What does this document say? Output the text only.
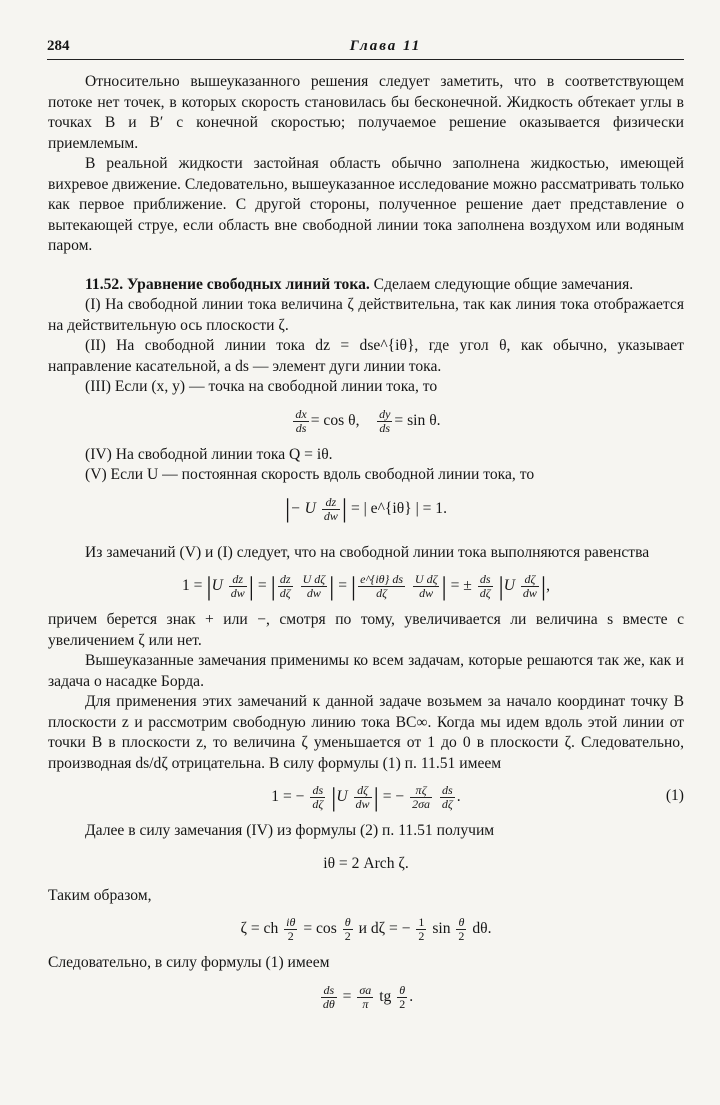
284	Глава 11

Относительно вышеуказанного решения следует заметить, что в соответствующем потоке нет точек, в которых скорость становилась бы бесконечной. Жидкость обтекает углы в точках B и B′ с конечной скоростью; получаемое решение оказывается физически приемлемым.

В реальной жидкости застойная область обычно заполнена жидкостью, имеющей вихревое движение. Следовательно, вышеуказанное исследование можно рассматривать только как первое приближение. С другой стороны, полученное решение дает представление о вытекающей струе, если область вне свободной линии тока заполнена воздухом или водяным паром.

11.52. Уравнение свободных линий тока. Сделаем следующие общие замечания.

(I) На свободной линии тока величина ζ действительна, так как линия тока отображается на действительную ось плоскости ζ.

(II) На свободной линии тока dz = dse^{iθ}, где угол θ, как обычно, указывает направление касательной, а ds — элемент дуги линии тока.

(III) Если (x, y) — точка на свободной линии тока, то

$\frac{dx}{ds} = \cos \theta$, $\frac{dy}{ds} = \sin \theta$.

(IV) На свободной линии тока Q = iθ.

(V) Если U — постоянная скорость вдоль свободной линии тока, то

|− U $\frac{dz}{dw}$ | = | e^{iθ} | = 1.

Из замечаний (V) и (I) следует, что на свободной линии тока выполняются равенства

$1 = |U \frac{dz}{dw}$ | = | $\frac{dz}{d\zeta}$
$\frac{\text{U dζ}}{dw}$ | = | $\frac{e\^{}\{i\theta\} ds}{d\zeta}$
$\frac{\text{U dζ}}{dw}$ | = ± $\frac{ds}{d\zeta} |U \frac{d\zeta}{dw}$ |,

причем берется знак + или −, смотря по тому, увеличивается ли величина s вместе с увеличением ζ или нет.

Вышеуказанные замечания применимы ко всем задачам, которые решаются так же, как и задача о насадке Борда.

Для применения этих замечаний к данной задаче возьмем за начало координат точку B плоскости z и рассмотрим свободную линию тока BC∞. Когда мы идем вдоль этой линии от точки B в плоскости z, то величина ζ уменьшается от 1 до 0 в плоскости ζ. Следовательно, производная ds/dζ отрицательна. В силу формулы (1) п. 11.51 имеем

1 = − $\frac{ds}{d\zeta} |U \frac{d\zeta}{dw}$ | = − $\frac{\pi\zeta}{2\sigma a}$
$\frac{ds}{d\zeta}$ .	(1)

Далее в силу замечания (IV) из формулы (2) п. 11.51 получим

iθ = 2 Arch ζ.

Таким образом,

ζ = ch $\frac{i\theta}{2} = \cos \frac{\theta}{2}$ и dζ = − $\frac{1}{2}$ $\sin \frac{\theta}{2} d\theta$.

Следовательно, в силу формулы (1) имеем

$\frac{ds}{d\theta} = \frac{\sigma a}{\pi}$ tg $\frac{\theta}{2}$ .
